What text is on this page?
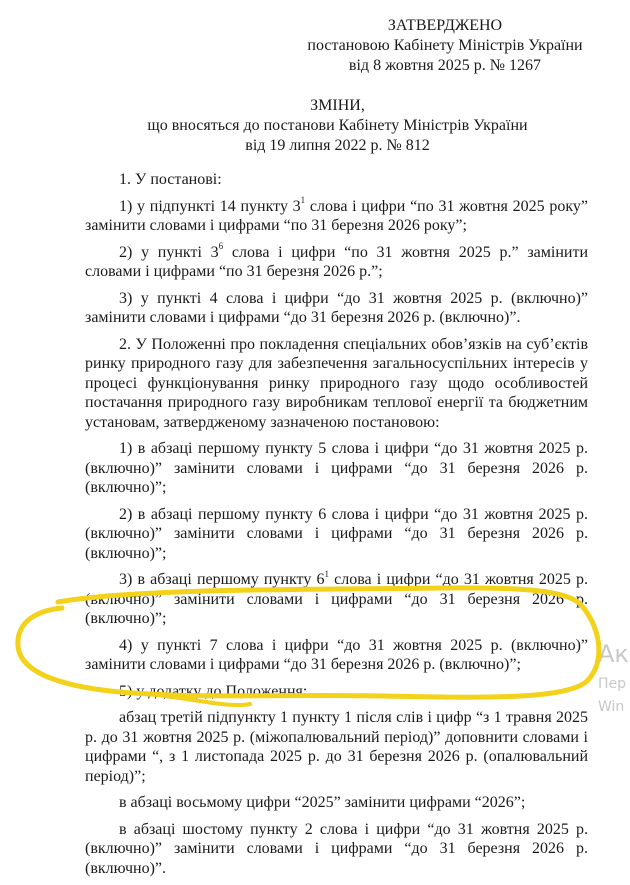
ЗАТВЕРДЖЕНО
постановою Кабінету Міністрів України
від 8 жовтня 2025 р. № 1267
ЗМІНИ,
що вносяться до постанови Кабінету Міністрів України
від 19 липня 2022 р. № 812

1. У постанові:

1) у підпункті 14 пункту $3^1$ слова і цифри “по 31 жовтня 2025 року” замінити словами і цифрами “по 31 березня 2026 року”;

2) у пункті $3^6$ слова і цифри “по 31 жовтня 2025 р.” замінити словами і цифрами “по 31 березня 2026 р.”;

3) у пункті 4 слова і цифри “до 31 жовтня 2025 р. (включно)” замінити словами і цифрами “до 31 березня 2026 р. (включно)”.

2. У Положенні про покладення спеціальних обов’язків на суб’єктів ринку природного газу для забезпечення загальносуспільних інтересів у процесі функціонування ринку природного газу щодо особливостей постачання природного газу виробникам теплової енергії та бюджетним установам, затвердженому зазначеною постановою:

1) в абзаці першому пункту 5 слова і цифри “до 31 жовтня 2025 р. (включно)” замінити словами і цифрами “до 31 березня 2026 р. (включно)”;

2) в абзаці першому пункту 6 слова і цифри “до 31 жовтня 2025 р. (включно)” замінити словами і цифрами “до 31 березня 2026 р. (включно)”;

3) в абзаці першому пункту $6^1$ слова і цифри “до 31 жовтня 2025 р. (включно)” замінити словами і цифрами “до 31 березня 2026 р. (включно)”;

4) у пункті 7 слова і цифри “до 31 жовтня 2025 р. (включно)” замінити словами і цифрами “до 31 березня 2026 р. (включно)”;

5) у додатку до Положення:

абзац третій підпункту 1 пункту 1 після слів і цифр “з 1 травня 2025 р. до 31 жовтня 2025 р. (міжопалювальний період)” доповнити словами і цифрами “, з 1 листопада 2025 р. до 31 березня 2026 р. (опалювальний період)”;

в абзаці восьмому цифри “2025” замінити цифрами “2026”;

в абзаці шостому пункту 2 слова і цифри “до 31 жовтня 2025 р. (включно)” замінити словами і цифрами “до 31 березня 2026 р. (включно)”.

Ак
Пер
Win
